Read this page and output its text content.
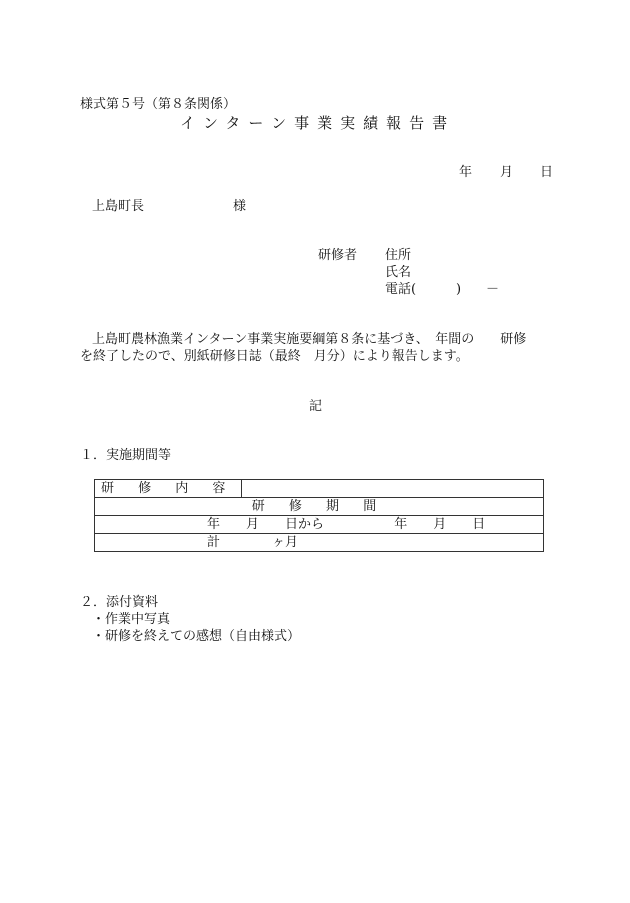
様式第５号（第８条関係）
インターン事業実績報告書
年 月 日
上島町長	様
研修者 住所
氏名
電話(	) －
上島町農林漁業インターン事業実施要綱第８条に基づき、　年間の　　研修
を終了したので、別紙研修日誌（最終　月分）により報告します。
記
１．実施期間等
研 修 内 容	
研 修 期 間
年　　月　　日から	年　　月　　日
計　　　　ヶ月
２．添付資料
・作業中写真
・研修を終えての感想（自由様式）
